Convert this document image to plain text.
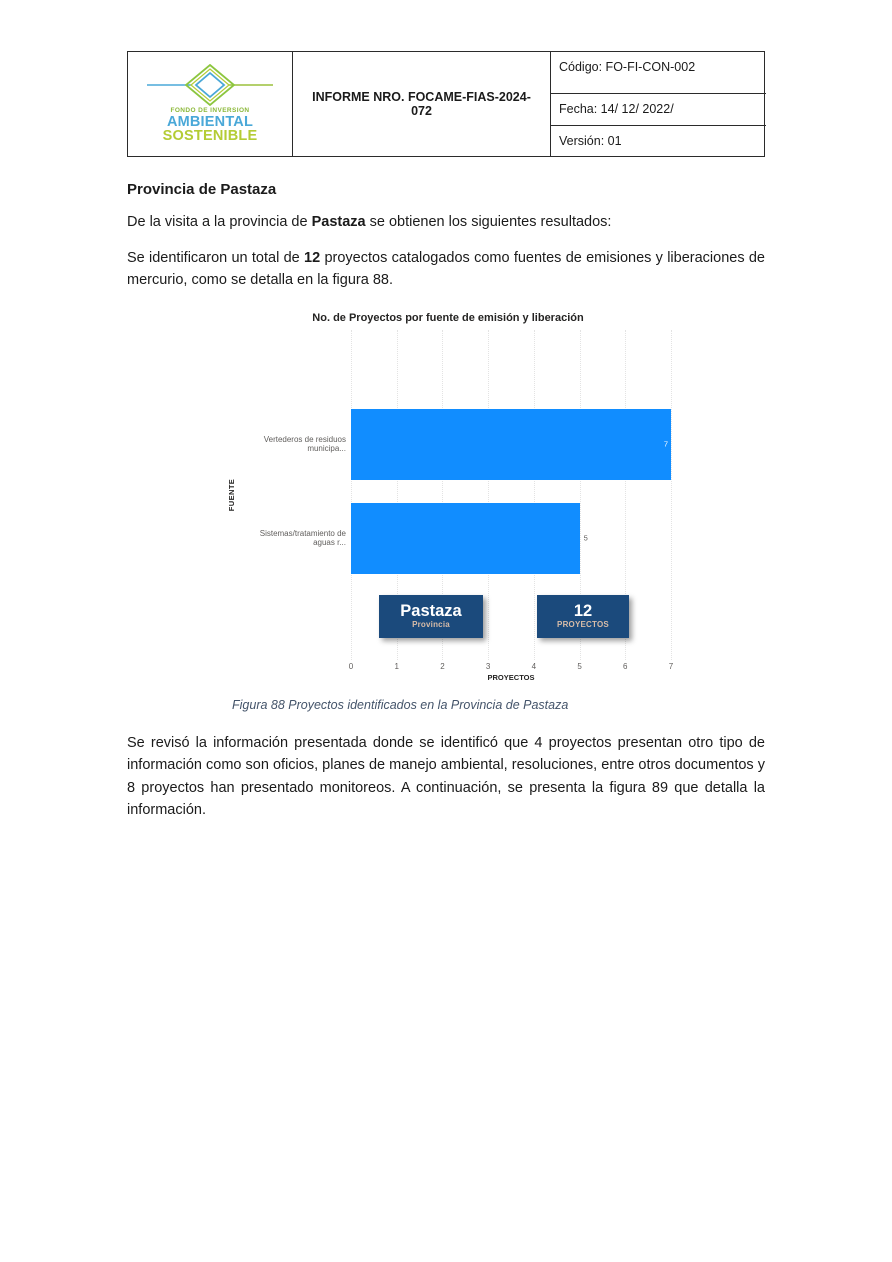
FONDO DE INVERSION
AMBIENTAL
SOSTENIBLE
INFORME NRO. FOCAME-FIAS-2024-072
Código: FO-FI-CON-002
Fecha: 14/ 12/ 2022/
Versión: 01
Provincia de Pastaza

De la visita a la provincia de Pastaza se obtienen los siguientes resultados:

Se identificaron un total de 12 proyectos catalogados como fuentes de emisiones y liberaciones de mercurio, como se detalla en la figura 88.

No. de Proyectos por fuente de emisión y liberación
FUENTE
Vertederos de residuos municipa...
Sistemas/tratamiento de aguas r...
7
5
Pastaza
Provincia
12
PROYECTOS
0	1	2	3	4	5	6	7
PROYECTOS
Figura 88 Proyectos identificados en la Provincia de Pastaza

Se revisó la información presentada donde se identificó que 4 proyectos presentan otro tipo de información como son oficios, planes de manejo ambiental, resoluciones, entre otros documentos y 8 proyectos han presentado monitoreos. A continuación, se presenta la figura 89 que detalla la información.
